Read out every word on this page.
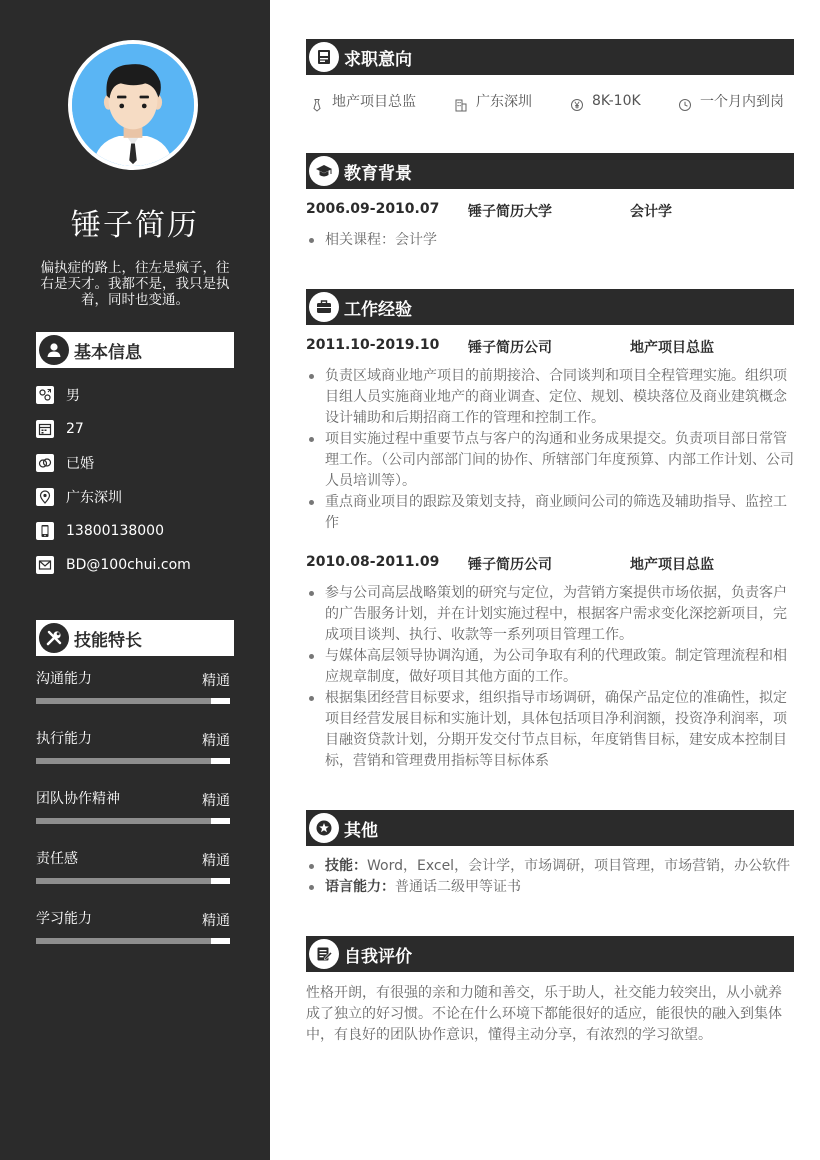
锤子简历
偏执症的路上，往左是疯子，往右是天才。我都不是，我只是执着，同时也变通。
基本信息
男
27
已婚
广东深圳
13800138000
BD@100chui.com
技能特长
沟通能力	精通
执行能力	精通
团队协作精神	精通
责任感	精通
学习能力	精通
求职意向
地产项目总监	广东深圳	8K-10K	一个月内到岗
教育背景
2006.09-2010.07 锤子简历大学	会计学
相关课程：会计学
工作经验
2011.10-2019.10 锤子简历公司	地产项目总监
负责区域商业地产项目的前期接洽、合同谈判和项目全程管理实施。组织项目组人员实施商业地产的商业调查、定位、规划、模块落位及商业建筑概念设计辅助和后期招商工作的管理和控制工作。
项目实施过程中重要节点与客户的沟通和业务成果提交。负责项目部日常管理工作。（公司内部部门间的协作、所辖部门年度预算、内部工作计划、公司人员培训等）。
重点商业项目的跟踪及策划支持，商业顾问公司的筛选及辅助指导、监控工作
2010.08-2011.09 锤子简历公司	地产项目总监
参与公司高层战略策划的研究与定位，为营销方案提供市场依据，负责客户的广告服务计划，并在计划实施过程中，根据客户需求变化深挖新项目，完成项目谈判、执行、收款等一系列项目管理工作。
与媒体高层领导协调沟通，为公司争取有利的代理政策。制定管理流程和相应规章制度，做好项目其他方面的工作。
根据集团经营目标要求，组织指导市场调研，确保产品定位的准确性，拟定项目经营发展目标和实施计划，具体包括项目净利润额，投资净利润率，项目融资贷款计划，分期开发交付节点目标，年度销售目标，建安成本控制目标，营销和管理费用指标等目标体系
其他
技能：Word，Excel，会计学，市场调研，项目管理，市场营销，办公软件
语言能力：普通话二级甲等证书
自我评价
性格开朗，有很强的亲和力随和善交，乐于助人，社交能力较突出，从小就养成了独立的好习惯。不论在什么环境下都能很好的适应，能很快的融入到集体中，有良好的团队协作意识，懂得主动分享，有浓烈的学习欲望。
